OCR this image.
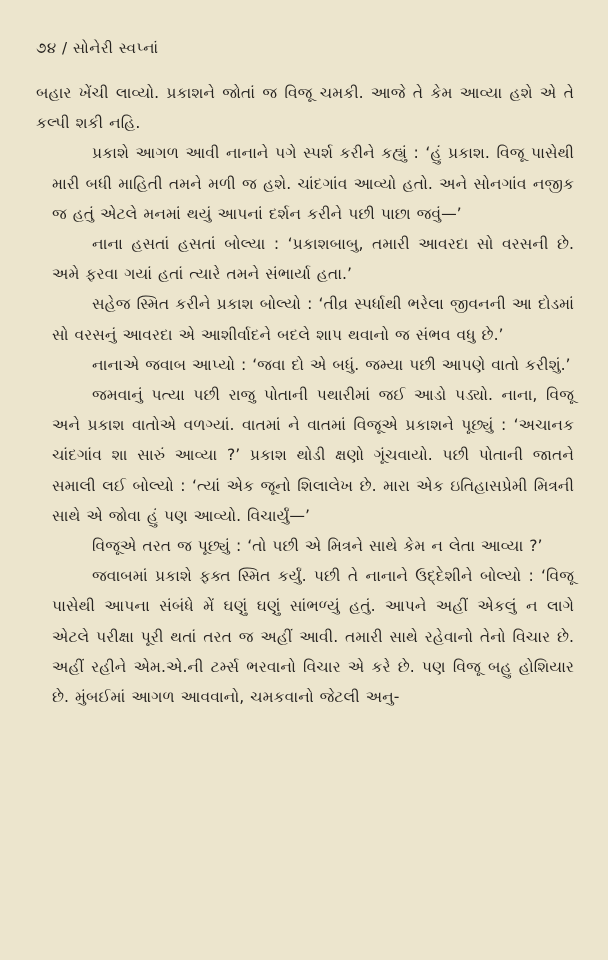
૭૪ / સોનેરી સ્વપ્નાં

બહાર ખેંચી લાવ્યો. પ્રકાશને જોતાં જ વિજૂ ચમકી. આજે તે કેમ આવ્યા હશે એ તે કલ્પી શકી નહિ.

પ્રકાશે આગળ આવી નાનાને પગે સ્પર્શ કરીને કહ્યું : ‘હું પ્રકાશ. વિજૂ પાસેથી મારી બધી માહિતી તમને મળી જ હશે. ચાંદગાંવ આવ્યો હતો. અને સોનગાંવ નજીક જ હતું એટલે મનમાં થયું આપનાં દર્શન કરીને પછી પાછા જવું—’

નાના હસતાં હસતાં બોલ્યા : ‘પ્રકાશબાબુ, તમારી આવરદા સો વરસની છે. અમે ફરવા ગયાં હતાં ત્યારે તમને સંભાર્યા હતા.’

સહેજ સ્મિત કરીને પ્રકાશ બોલ્યો : ‘તીવ્ર સ્પર્ધાથી ભરેલા જીવનની આ દોડમાં સો વરસનું આવરદા એ આશીર્વાદને બદલે શાપ થવાનો જ સંભવ વધુ છે.’

નાનાએ જવાબ આપ્યો : ‘જવા દો એ બધું. જમ્યા પછી આપણે વાતો કરીશું.’

જમવાનું પત્યા પછી રાજુ પોતાની પથારીમાં જઈ આડો પડ્યો. નાના, વિજૂ અને પ્રકાશ વાતોએ વળગ્યાં. વાતમાં ને વાતમાં વિજૂએ પ્રકાશને પૂછ્યું : ‘અચાનક ચાંદગાંવ શા સારું આવ્યા ?’ પ્રકાશ થોડી ક્ષણો ગૂંચવાયો. પછી પોતાની જાતને સમાલી લઈ બોલ્યો : ‘ત્યાં એક જૂનો શિલાલેખ છે. મારા એક ઇતિહાસપ્રેમી મિત્રની સાથે એ જોવા હું પણ આવ્યો. વિચાર્યું—’

વિજૂએ તરત જ પૂછ્યું : ‘તો પછી એ મિત્રને સાથે કેમ ન લેતા આવ્યા ?’

જવાબમાં પ્રકાશે ફક્ત સ્મિત કર્યું. પછી તે નાનાને ઉદ્દેશીને બોલ્યો : ‘વિજૂ પાસેથી આપના સંબંધે મેં ઘણું ઘણું સાંભળ્યું હતું. આપને અહીં એકલું ન લાગે એટલે પરીક્ષા પૂરી થતાં તરત જ અહીં આવી. તમારી સાથે રહેવાનો તેનો વિચાર છે. અહીં રહીને એમ.એ.ની ટર્મ્સ ભરવાનો વિચાર એ કરે છે. પણ વિજૂ બહુ હોશિયાર છે. મુંબઈમાં આગળ આવવાનો, ચમકવાનો જેટલી અનુ-
